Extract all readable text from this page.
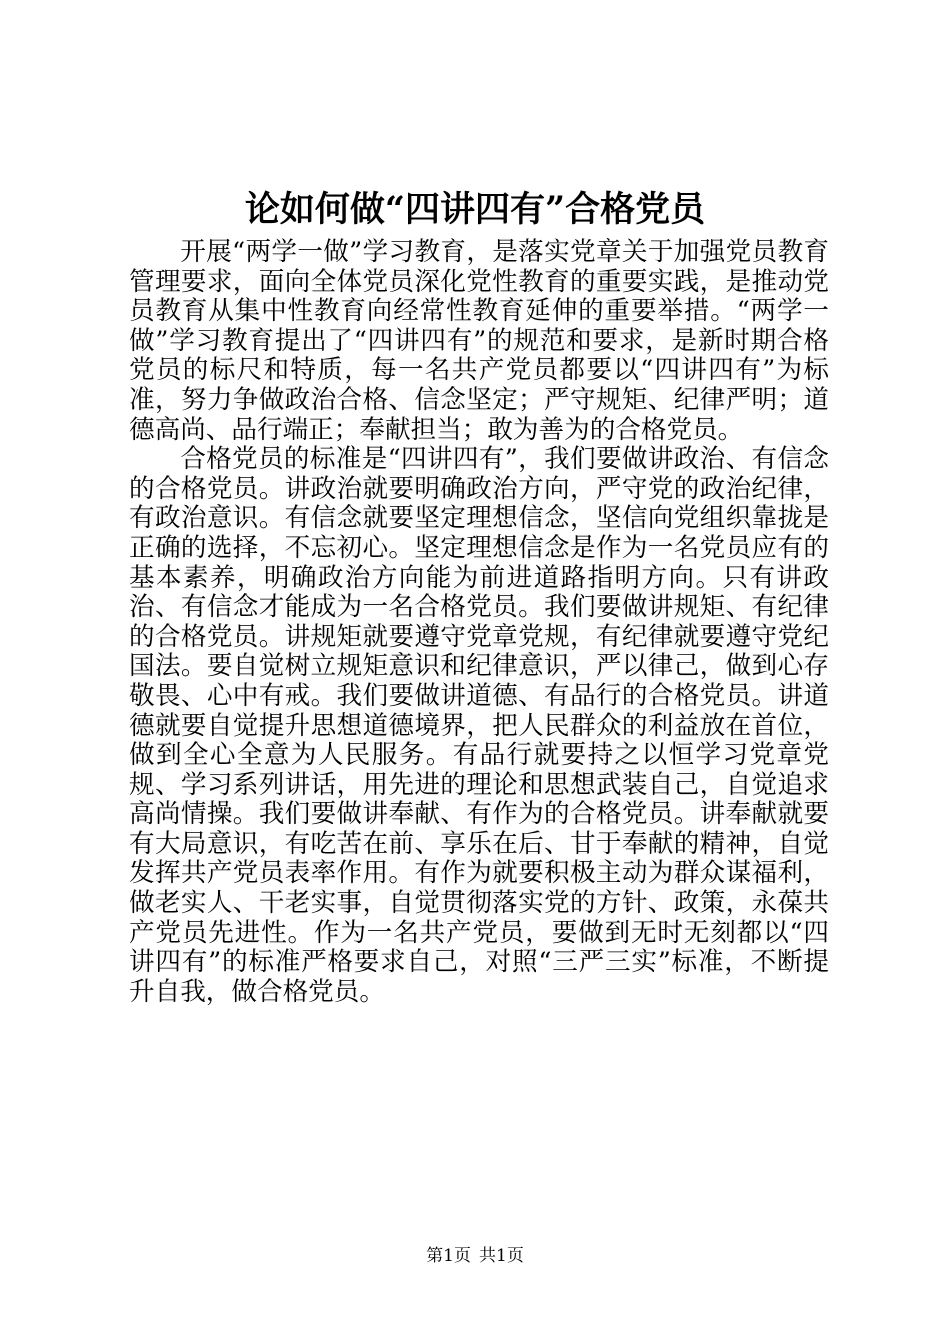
论如何做“四讲四有”合格党员

开展“两学一做”学习教育，是落实党章关于加强党员教育管理要求，面向全体党员深化党性教育的重要实践，是推动党员教育从集中性教育向经常性教育延伸的重要举措。“两学一做”学习教育提出了“四讲四有”的规范和要求，是新时期合格党员的标尺和特质，每一名共产党员都要以“四讲四有”为标准，努力争做政治合格、信念坚定；严守规矩、纪律严明；道德高尚、品行端正；奉献担当；敢为善为的合格党员。

合格党员的标准是“四讲四有”，我们要做讲政治、有信念的合格党员。讲政治就要明确政治方向，严守党的政治纪律，有政治意识。有信念就要坚定理想信念，坚信向党组织靠拢是正确的选择，不忘初心。坚定理想信念是作为一名党员应有的基本素养，明确政治方向能为前进道路指明方向。只有讲政治、有信念才能成为一名合格党员。我们要做讲规矩、有纪律的合格党员。讲规矩就要遵守党章党规，有纪律就要遵守党纪国法。要自觉树立规矩意识和纪律意识，严以律己，做到心存敬畏、心中有戒。我们要做讲道德、有品行的合格党员。讲道德就要自觉提升思想道德境界，把人民群众的利益放在首位，做到全心全意为人民服务。有品行就要持之以恒学习党章党规、学习系列讲话，用先进的理论和思想武装自己，自觉追求高尚情操。我们要做讲奉献、有作为的合格党员。讲奉献就要有大局意识，有吃苦在前、享乐在后、甘于奉献的精神，自觉发挥共产党员表率作用。有作为就要积极主动为群众谋福利，做老实人、干老实事，自觉贯彻落实党的方针、政策，永葆共产党员先进性。作为一名共产党员，要做到无时无刻都以“四讲四有”的标准严格要求自己，对照“三严三实”标准，不断提升自我，做合格党员。

第1页 共1页
